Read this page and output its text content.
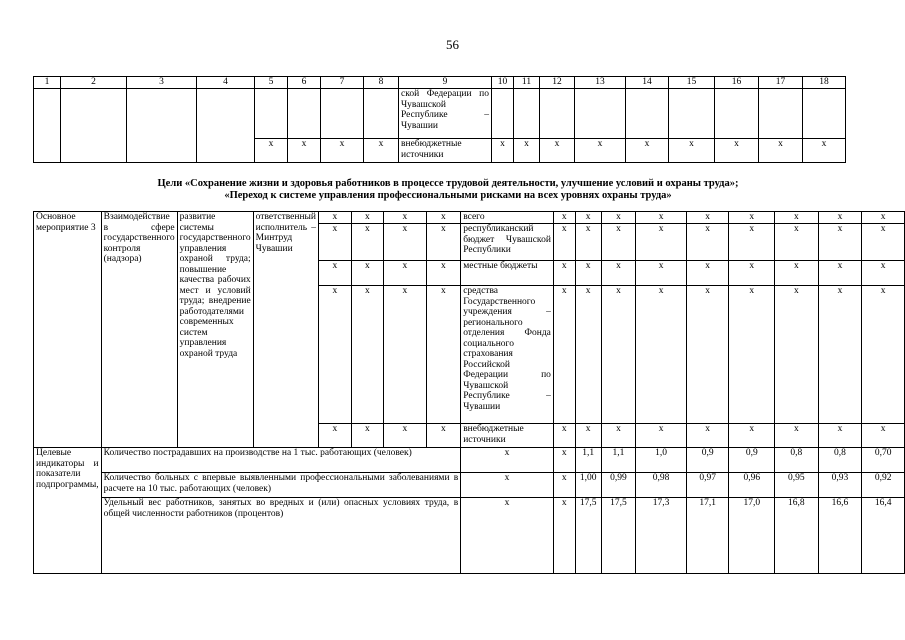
56
1	2	3	4	5	6	7	8	9	10	11	12	13	14	15	16	17	18
								ской Федерации по Чувашской Республике – Чувашии									
				x	x	x	x	внебюджетные источники	x	x	x	x	x	x	x	x	x
Цели «Сохранение жизни и здоровья работников в процессе трудовой деятельности, улучшение условий и охраны труда»;
«Переход к системе управления профессиональными рисками на всех уровнях охраны труда»
Основное мероприятие 3	Взаимодействие в сфере государственного контроля (надзора)	развитие системы государственного управления охраной труда; повышение качества рабочих мест и условий труда; внедрение работодателями современных систем управления охраной труда	ответственный исполнитель – Минтруд Чувашии	x	x	x	x	всего	x	x	x	x	x	x	x	x	x
				x	x	x	x	республиканский бюджет Чувашской Республики	x	x	x	x	x	x	x	x	x
				x	x	x	x	местные бюджеты	x	x	x	x	x	x	x	x	x
				x	x	x	x	средства Государственного учреждения – регионального отделения Фонда социального страхования Российской Федерации по Чувашской Республике – Чувашии	x	x	x	x	x	x	x	x	x
				x	x	x	x	внебюджетные источники	x	x	x	x	x	x	x	x	x
Целевые индикаторы и показатели подпрограммы,	Количество пострадавших на производстве на 1 тыс. работающих (человек)							x	x	1,1	1,1	1,0	0,9	0,9	0,8	0,8	0,70
	Количество больных с впервые выявленными профессиональными заболеваниями в расчете на 10 тыс. работающих (человек)							x	x	1,00	0,99	0,98	0,97	0,96	0,95	0,93	0,92
	Удельный вес работников, занятых во вредных и (или) опасных условиях труда, в общей численности работников (процентов)							x	x	17,5	17,5	17,3	17,1	17,0	16,8	16,6	16,4
